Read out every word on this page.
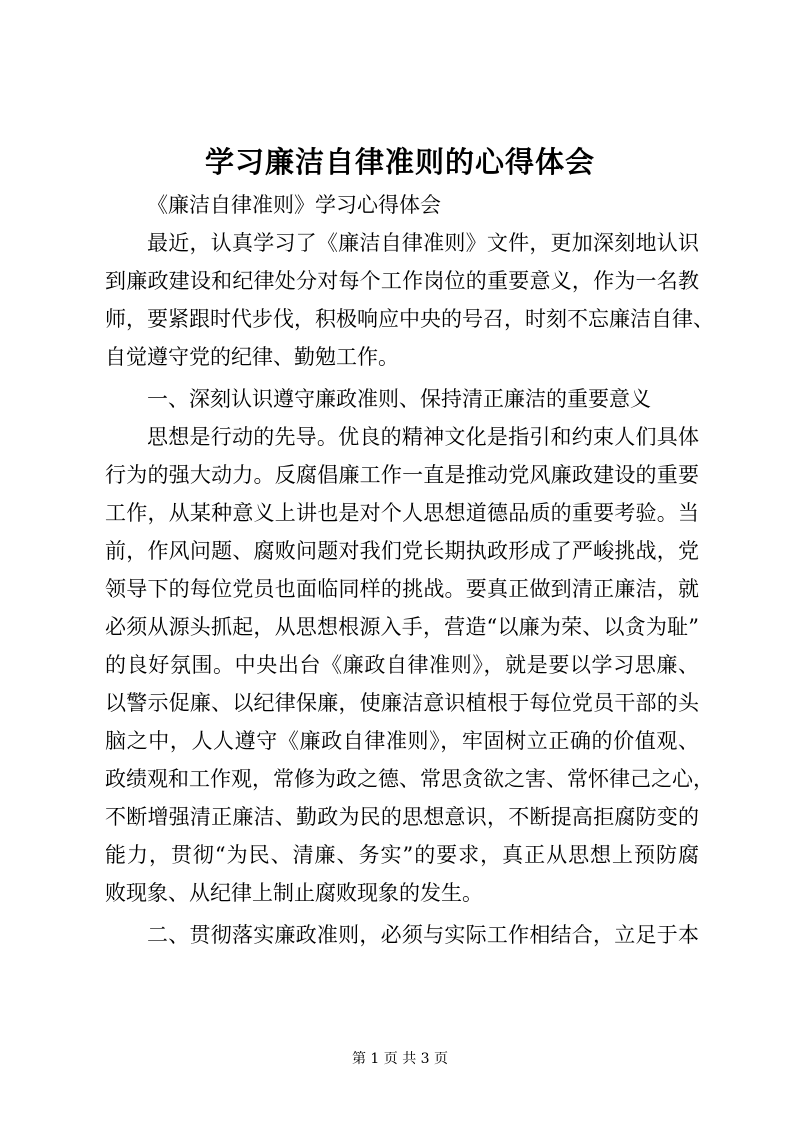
学习廉洁自律准则的心得体会
《廉洁自律准则》学习心得体会
最近，认真学习了《廉洁自律准则》文件，更加深刻地认识
到廉政建设和纪律处分对每个工作岗位的重要意义，作为一名教
师，要紧跟时代步伐，积极响应中央的号召，时刻不忘廉洁自律、
自觉遵守党的纪律、勤勉工作。
一、深刻认识遵守廉政准则、保持清正廉洁的重要意义
思想是行动的先导。优良的精神文化是指引和约束人们具体
行为的强大动力。反腐倡廉工作一直是推动党风廉政建设的重要
工作，从某种意义上讲也是对个人思想道德品质的重要考验。当
前，作风问题、腐败问题对我们党长期执政形成了严峻挑战，党
领导下的每位党员也面临同样的挑战。要真正做到清正廉洁，就
必须从源头抓起，从思想根源入手，营造“以廉为荣、以贪为耻”
的良好氛围。中央出台《廉政自律准则》，就是要以学习思廉、
以警示促廉、以纪律保廉，使廉洁意识植根于每位党员干部的头
脑之中，人人遵守《廉政自律准则》，牢固树立正确的价值观、
政绩观和工作观，常修为政之德、常思贪欲之害、常怀律己之心，
不断增强清正廉洁、勤政为民的思想意识，不断提高拒腐防变的
能力，贯彻“为民、清廉、务实”的要求，真正从思想上预防腐
败现象、从纪律上制止腐败现象的发生。
二、贯彻落实廉政准则，必须与实际工作相结合，立足于本
第 1 页 共 3 页
